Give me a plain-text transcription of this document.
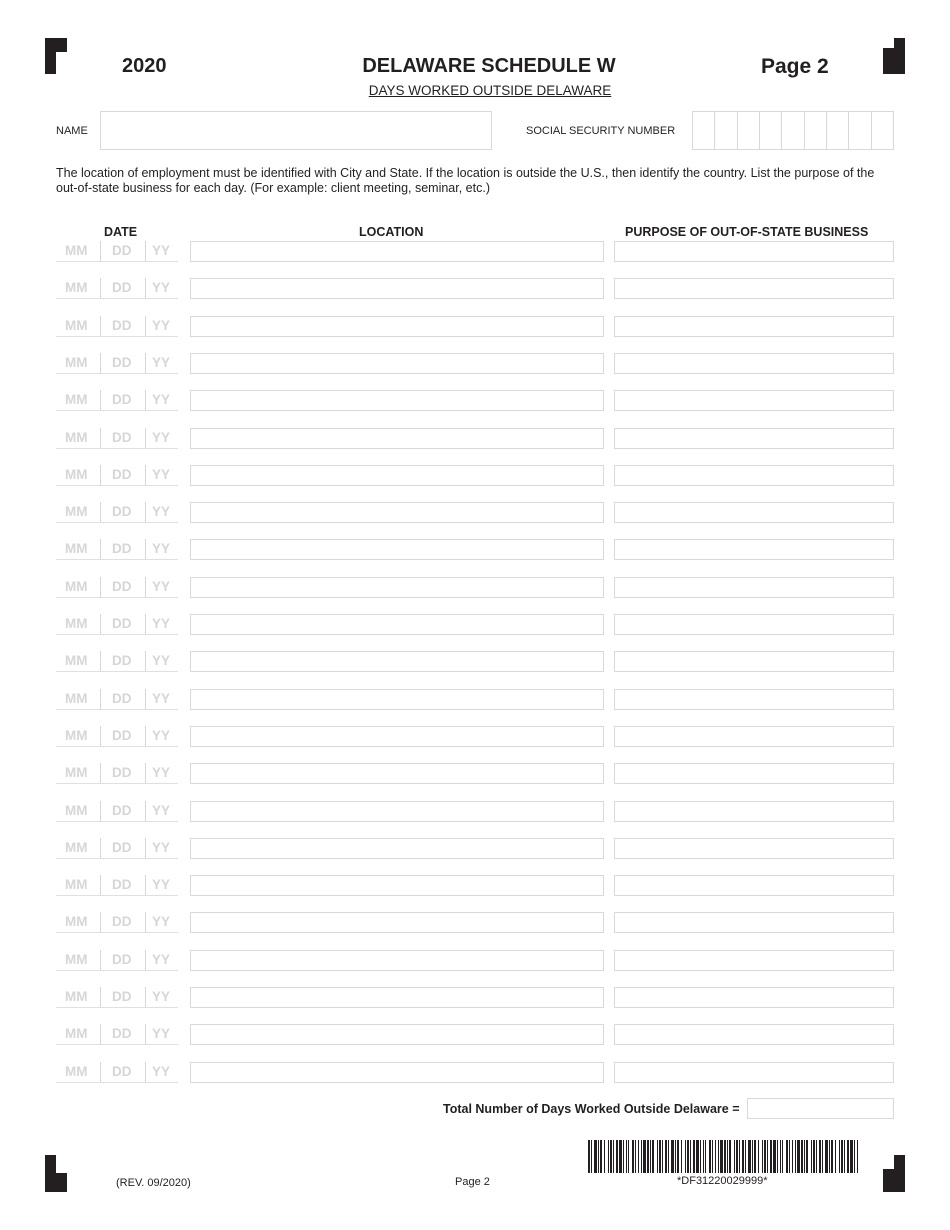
2020	DELAWARE SCHEDULE W	Page 2
DAYS WORKED OUTSIDE DELAWARE
NAME	SOCIAL SECURITY NUMBER
The location of employment must be identified with City and State. If the location is outside the U.S., then identify the country. List the purpose of the out-of-state business for each day. (For example: client meeting, seminar, etc.)
DATE	LOCATION	PURPOSE OF OUT-OF-STATE BUSINESS
MM DD YY
MM DD YY
MM DD YY
MM DD YY
MM DD YY
MM DD YY
MM DD YY
MM DD YY
MM DD YY
MM DD YY
MM DD YY
MM DD YY
MM DD YY
MM DD YY
MM DD YY
MM DD YY
MM DD YY
MM DD YY
MM DD YY
MM DD YY
MM DD YY
MM DD YY
MM DD YY
Total Number of Days Worked Outside Delaware =
*DF31220029999*
(REV. 09/2020)	Page 2
